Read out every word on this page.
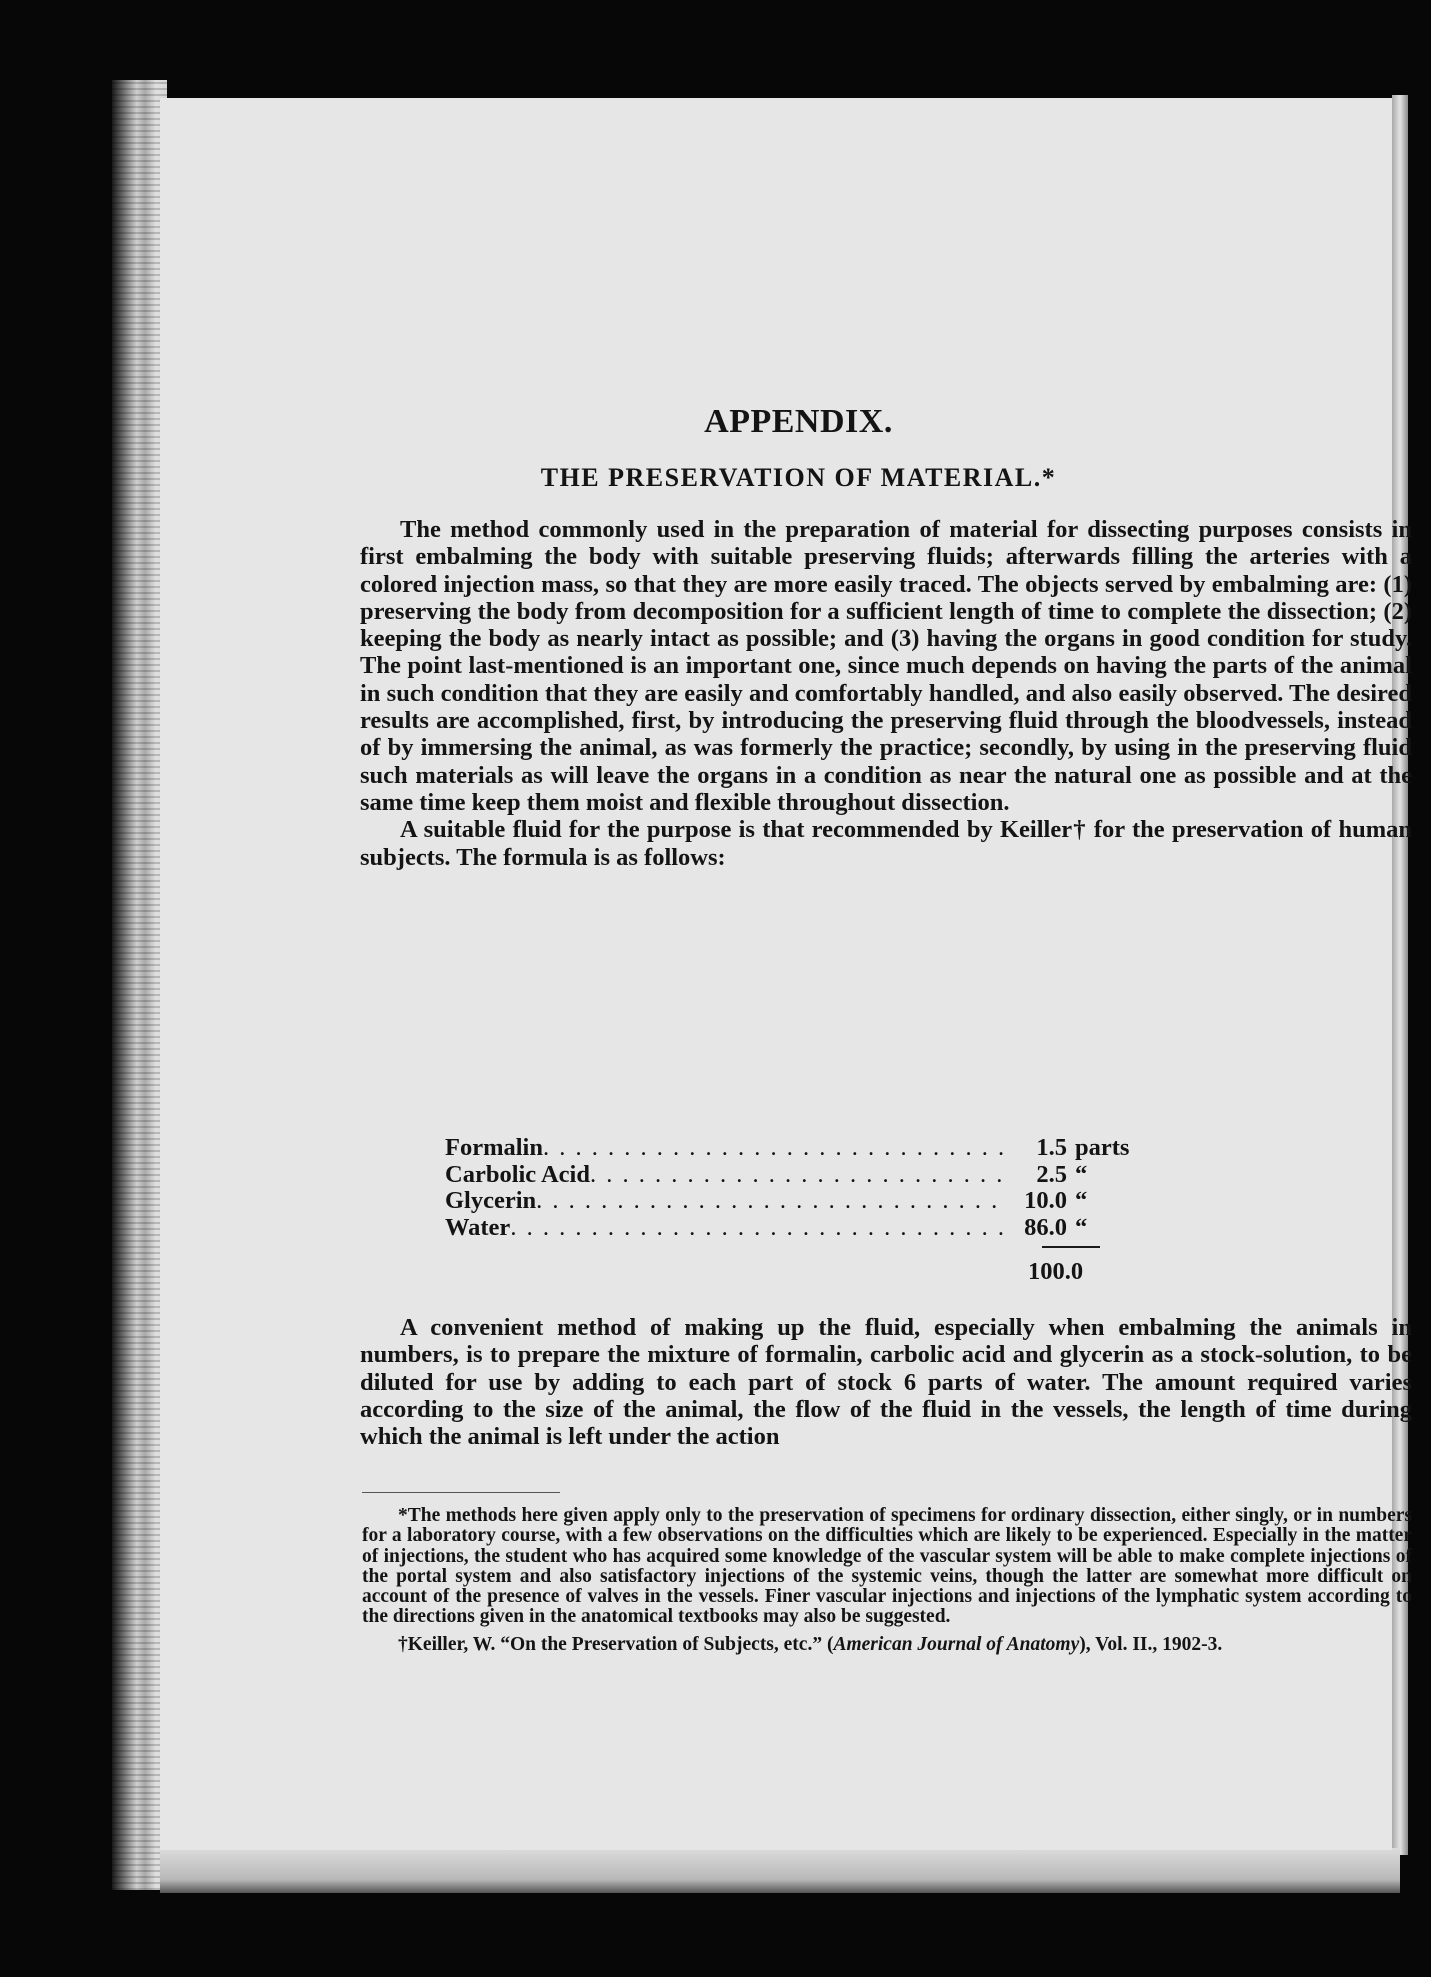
APPENDIX.
THE PRESERVATION OF MATERIAL.*

The method commonly used in the preparation of material for dissecting purposes consists in first embalming the body with suitable preserving fluids; afterwards filling the arteries with a colored injection mass, so that they are more easily traced. The objects served by embalming are: (1) preserving the body from decomposition for a sufficient length of time to complete the dissection; (2) keeping the body as nearly intact as possible; and (3) having the organs in good condition for study. The point last-mentioned is an important one, since much depends on having the parts of the animal in such condition that they are easily and comfortably handled, and also easily observed. The desired results are accomplished, first, by introducing the preserving fluid through the bloodvessels, instead of by immersing the animal, as was formerly the practice; secondly, by using in the preserving fluid such materials as will leave the organs in a condition as near the natural one as possible and at the same time keep them moist and flexible throughout dissection.

A suitable fluid for the purpose is that recommended by Keiller† for the preservation of human subjects. The formula is as follows:

Formalin . . .	1.5 parts
Carbolic Acid . . .	2.5 “
Glycerin . . .	10.0 “
Water . . .	86.0 “
100.0

A convenient method of making up the fluid, especially when embalming the animals in numbers, is to prepare the mixture of formalin, carbolic acid and glycerin as a stock-solution, to be diluted for use by adding to each part of stock 6 parts of water. The amount required varies according to the size of the animal, the flow of the fluid in the vessels, the length of time during which the animal is left under the action

*The methods here given apply only to the preservation of specimens for ordinary dissection, either singly, or in numbers for a laboratory course, with a few observations on the difficulties which are likely to be experienced. Especially in the matter of injections, the student who has acquired some knowledge of the vascular system will be able to make complete injections of the portal system and also satisfactory injections of the systemic veins, though the latter are somewhat more difficult on account of the presence of valves in the vessels. Finer vascular injections and injections of the lymphatic system according to the directions given in the anatomical textbooks may also be suggested.

†Keiller, W. “On the Preservation of Subjects, etc.” (American Journal of Anatomy), Vol. II., 1902-3.
